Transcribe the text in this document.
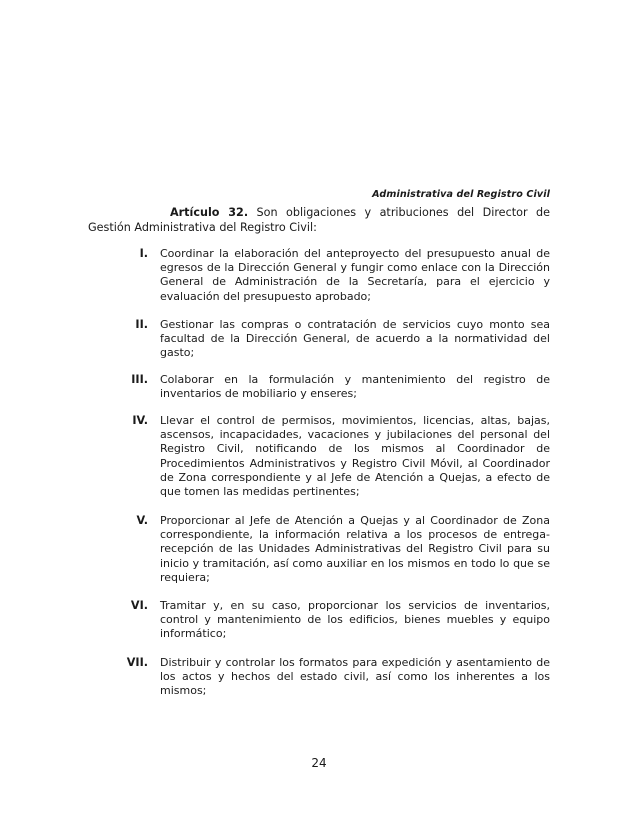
Administrativa del Registro Civil
Artículo 32. Son obligaciones y atribuciones del Director de Gestión Administrativa del Registro Civil:
I. Coordinar la elaboración del anteproyecto del presupuesto anual de egresos de la Dirección General y fungir como enlace con la Dirección General de Administración de la Secretaría, para el ejercicio y evaluación del presupuesto aprobado;
II. Gestionar las compras o contratación de servicios cuyo monto sea facultad de la Dirección General, de acuerdo a la normatividad del gasto;
III. Colaborar en la formulación y mantenimiento del registro de inventarios de mobiliario y enseres;
IV. Llevar el control de permisos, movimientos, licencias, altas, bajas, ascensos, incapacidades, vacaciones y jubilaciones del personal del Registro Civil, notificando de los mismos al Coordinador de Procedimientos Administrativos y Registro Civil Móvil, al Coordinador de Zona correspondiente y al Jefe de Atención a Quejas, a efecto de que tomen las medidas pertinentes;
V. Proporcionar al Jefe de Atención a Quejas y al Coordinador de Zona correspondiente, la información relativa a los procesos de entrega-recepción de las Unidades Administrativas del Registro Civil para su inicio y tramitación, así como auxiliar en los mismos en todo lo que se requiera;
VI. Tramitar y, en su caso, proporcionar los servicios de inventarios, control y mantenimiento de los edificios, bienes muebles y equipo informático;
VII. Distribuir y controlar los formatos para expedición y asentamiento de los actos y hechos del estado civil, así como los inherentes a los mismos;
24
